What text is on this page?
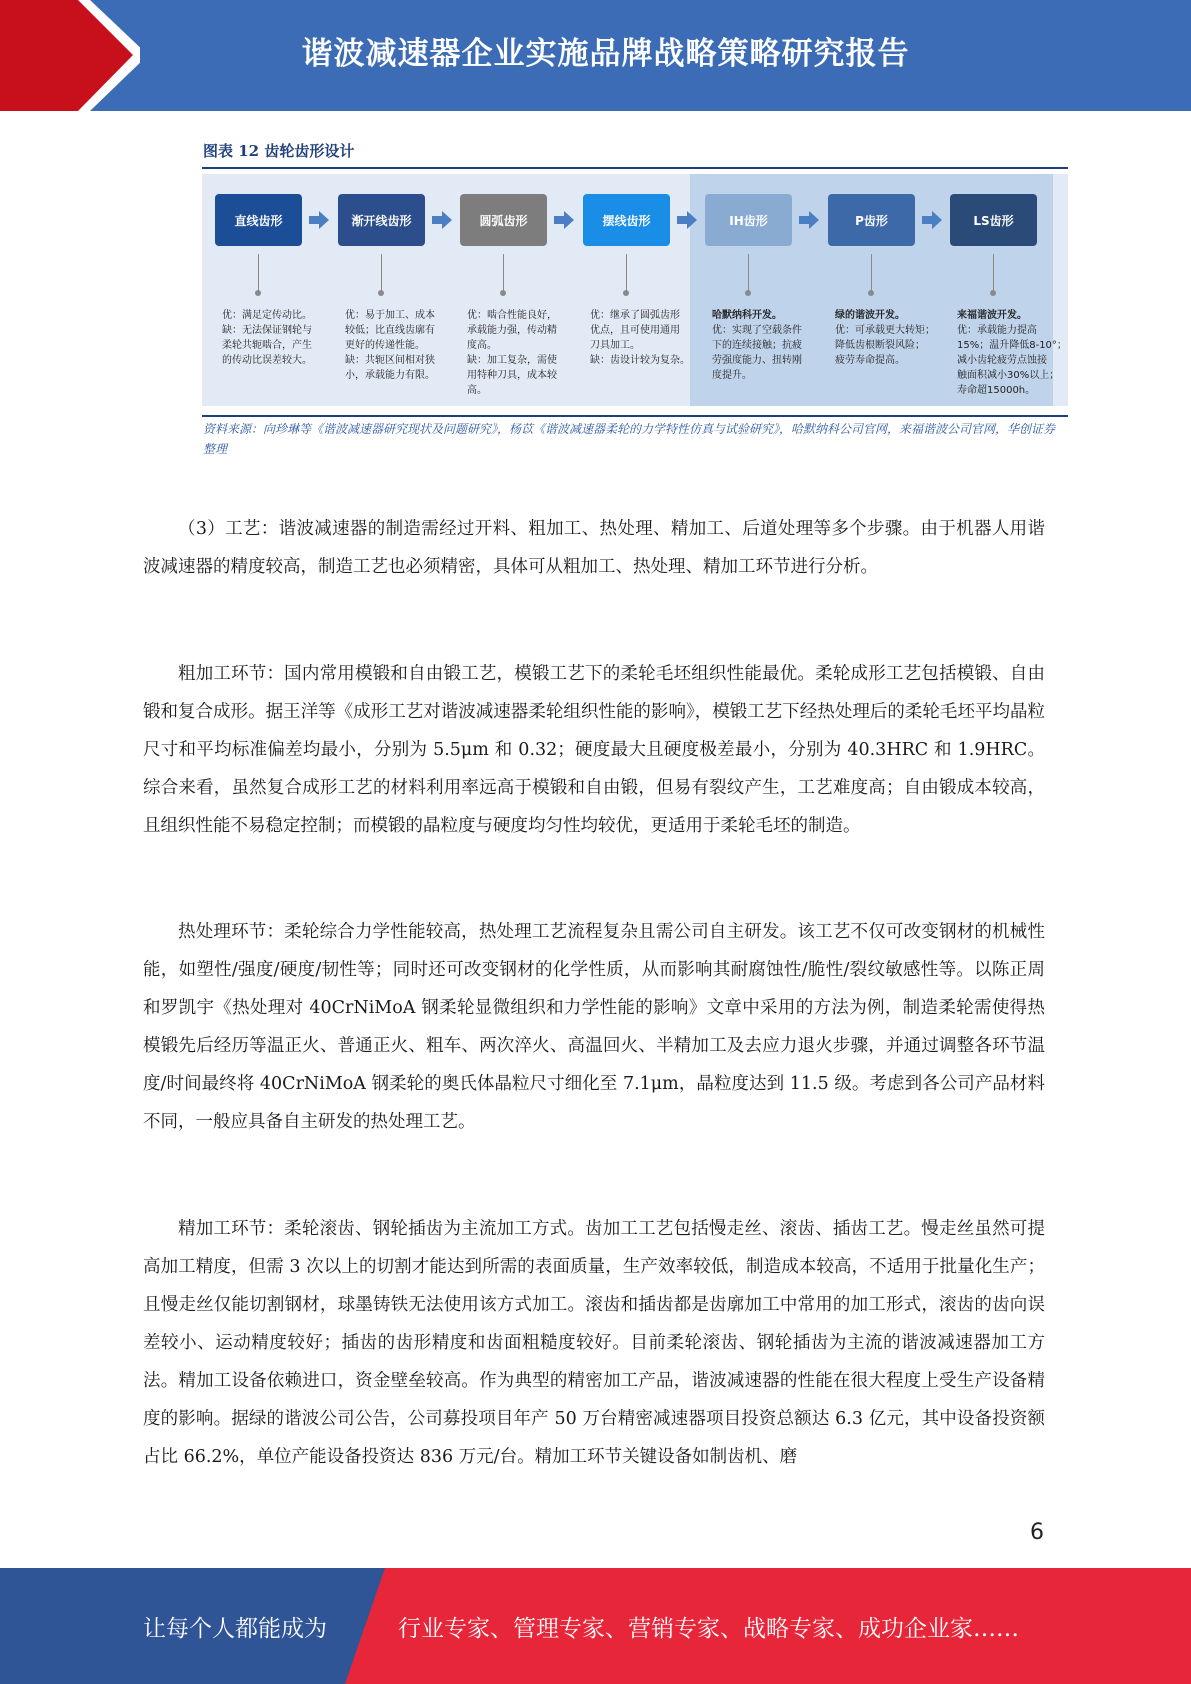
谐波减速器企业实施品牌战略策略研究报告
图表 12 齿轮齿形设计
直线齿形
优：满足定传动比。
缺：无法保证钢轮与
柔轮共轭啮合，产生
的传动比误差较大。
渐开线齿形
优：易于加工、成本
较低；比直线齿廓有
更好的传递性能。
缺：共轭区间相对狭
小，承载能力有限。
圆弧齿形
优：啮合性能良好，
承载能力强，传动精
度高。
缺：加工复杂，需使
用特种刀具，成本较
高。
摆线齿形
优：继承了圆弧齿形
优点，且可使用通用
刀具加工。
缺：齿设计较为复杂。
IH齿形
哈默纳科开发。
优：实现了空载条件
下的连续接触；抗疲
劳强度能力、扭转刚
度提升。
P齿形
绿的谐波开发。
优：可承载更大转矩；
降低齿根断裂风险；
疲劳寿命提高。
LS齿形
来福谐波开发。
优：承载能力提高
15%；温升降低8-10°；
减小齿轮疲劳点蚀接
触面积减小30%以上；
寿命超15000h。
资料来源：向珍琳等《谐波减速器研究现状及问题研究》，杨苡《谐波减速器柔轮的力学特性仿真与试验研究》，哈默纳科公司官网，来福谐波公司官网，华创证券整理

（3）工艺：谐波减速器的制造需经过开料、粗加工、热处理、精加工、后道处理等多个步骤。由于机器人用谐波减速器的精度较高，制造工艺也必须精密，具体可从粗加工、热处理、精加工环节进行分析。

粗加工环节：国内常用模锻和自由锻工艺，模锻工艺下的柔轮毛坯组织性能最优。柔轮成形工艺包括模锻、自由锻和复合成形。据王洋等《成形工艺对谐波减速器柔轮组织性能的影响》，模锻工艺下经热处理后的柔轮毛坯平均晶粒尺寸和平均标准偏差均最小，分别为 5.5μm 和 0.32；硬度最大且硬度极差最小，分别为 40.3HRC 和 1.9HRC。综合来看，虽然复合成形工艺的材料利用率远高于模锻和自由锻，但易有裂纹产生，工艺难度高；自由锻成本较高，且组织性能不易稳定控制；而模锻的晶粒度与硬度均匀性均较优，更适用于柔轮毛坯的制造。

热处理环节：柔轮综合力学性能较高，热处理工艺流程复杂且需公司自主研发。该工艺不仅可改变钢材的机械性能，如塑性/强度/硬度/韧性等；同时还可改变钢材的化学性质，从而影响其耐腐蚀性/脆性/裂纹敏感性等。以陈正周和罗凯宇《热处理对 40CrNiMoA 钢柔轮显微组织和力学性能的影响》文章中采用的方法为例，制造柔轮需使得热模锻先后经历等温正火、普通正火、粗车、两次淬火、高温回火、半精加工及去应力退火步骤，并通过调整各环节温度/时间最终将 40CrNiMoA 钢柔轮的奥氏体晶粒尺寸细化至 7.1μm，晶粒度达到 11.5 级。考虑到各公司产品材料不同，一般应具备自主研发的热处理工艺。

精加工环节：柔轮滚齿、钢轮插齿为主流加工方式。齿加工工艺包括慢走丝、滚齿、插齿工艺。慢走丝虽然可提高加工精度，但需 3 次以上的切割才能达到所需的表面质量，生产效率较低，制造成本较高，不适用于批量化生产；且慢走丝仅能切割钢材，球墨铸铁无法使用该方式加工。滚齿和插齿都是齿廓加工中常用的加工形式，滚齿的齿向误差较小、运动精度较好；插齿的齿形精度和齿面粗糙度较好。目前柔轮滚齿、钢轮插齿为主流的谐波减速器加工方法。精加工设备依赖进口，资金壁垒较高。作为典型的精密加工产品，谐波减速器的性能在很大程度上受生产设备精度的影响。据绿的谐波公司公告，公司募投项目年产 50 万台精密减速器项目投资总额达 6.3 亿元，其中设备投资额占比 66.2%，单位产能设备投资达 836 万元/台。精加工环节关键设备如制齿机、磨

6
让每个人都能成为	行业专家、管理专家、营销专家、战略专家、成功企业家……
